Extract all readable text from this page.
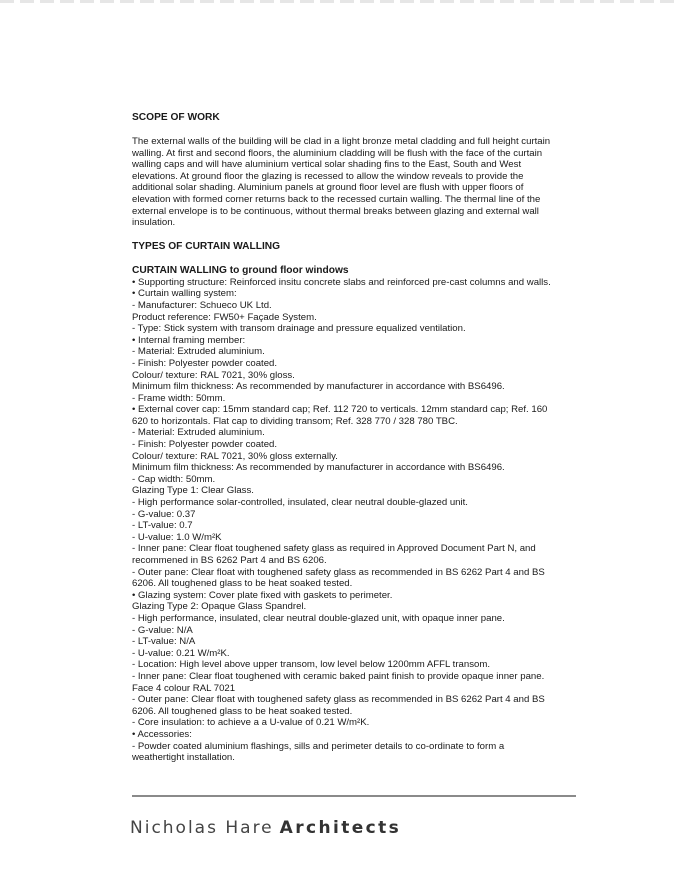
SCOPE OF WORK

The external walls of the building will be clad in a light bronze metal cladding and full height curtain walling. At first and second floors, the aluminium cladding will be flush with the face of the curtain walling caps and will have aluminium vertical solar shading fins to the East, South and West elevations. At ground floor the glazing is recessed to allow the window reveals to provide the additional solar shading. Aluminium panels at ground floor level are flush with upper floors of elevation with formed corner returns back to the recessed curtain walling. The thermal line of the external envelope is to be continuous, without thermal breaks between glazing and external wall insulation.

TYPES OF CURTAIN WALLING

CURTAIN WALLING to ground floor windows

• Supporting structure: Reinforced insitu concrete slabs and reinforced pre-cast columns and walls.

• Curtain walling system:

- Manufacturer: Schueco UK Ltd.

Product reference: FW50+ Façade System.

- Type: Stick system with transom drainage and pressure equalized ventilation.

• Internal framing member:

- Material: Extruded aluminium.

- Finish: Polyester powder coated.

Colour/ texture: RAL 7021, 30% gloss.

Minimum film thickness: As recommended by manufacturer in accordance with BS6496.

- Frame width: 50mm.

• External cover cap: 15mm standard cap; Ref. 112 720 to verticals. 12mm standard cap; Ref. 160 620 to horizontals. Flat cap to dividing transom; Ref. 328 770 / 328 780 TBC.

- Material: Extruded aluminium.

- Finish: Polyester powder coated.

Colour/ texture: RAL 7021, 30% gloss externally.

Minimum film thickness: As recommended by manufacturer in accordance with BS6496.

- Cap width: 50mm.

Glazing Type 1: Clear Glass.

- High performance solar-controlled, insulated, clear neutral double-glazed unit.

- G-value: 0.37

- LT-value: 0.7

- U-value: 1.0 W/m²K

- Inner pane: Clear float toughened safety glass as required in Approved Document Part N, and recommened in BS 6262 Part 4 and BS 6206.

- Outer pane: Clear float with toughened safety glass as recommended in BS 6262 Part 4 and BS 6206. All toughened glass to be heat soaked tested.

• Glazing system: Cover plate fixed with gaskets to perimeter.

Glazing Type 2: Opaque Glass Spandrel.

- High performance, insulated, clear neutral double-glazed unit, with opaque inner pane.

- G-value: N/A

- LT-value: N/A

- U-value: 0.21 W/m²K.

- Location: High level above upper transom, low level below 1200mm AFFL transom.

- Inner pane: Clear float toughened with ceramic baked paint finish to provide opaque inner pane. Face 4 colour RAL 7021

- Outer pane: Clear float with toughened safety glass as recommended in BS 6262 Part 4 and BS 6206. All toughened glass to be heat soaked tested.

- Core insulation: to achieve a a U-value of 0.21 W/m²K.

• Accessories:

- Powder coated aluminium flashings, sills and perimeter details to co-ordinate to form a weathertight installation.

Nicholas Hare Architects
